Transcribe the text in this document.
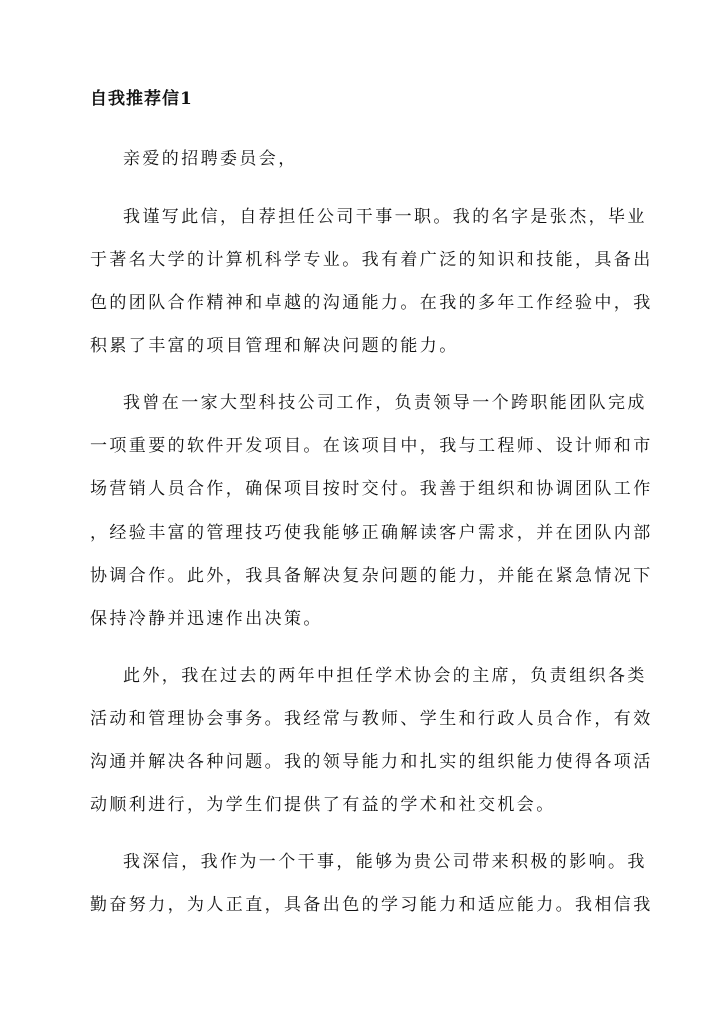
自我推荐信1
亲爱的招聘委员会，
我谨写此信，自荐担任公司干事一职。我的名字是张杰，毕业
于著名大学的计算机科学专业。我有着广泛的知识和技能，具备出
色的团队合作精神和卓越的沟通能力。在我的多年工作经验中，我
积累了丰富的项目管理和解决问题的能力。
我曾在一家大型科技公司工作，负责领导一个跨职能团队完成
一项重要的软件开发项目。在该项目中，我与工程师、设计师和市
场营销人员合作，确保项目按时交付。我善于组织和协调团队工作
，经验丰富的管理技巧使我能够正确解读客户需求，并在团队内部
协调合作。此外，我具备解决复杂问题的能力，并能在紧急情况下
保持冷静并迅速作出决策。
此外，我在过去的两年中担任学术协会的主席，负责组织各类
活动和管理协会事务。我经常与教师、学生和行政人员合作，有效
沟通并解决各种问题。我的领导能力和扎实的组织能力使得各项活
动顺利进行，为学生们提供了有益的学术和社交机会。
我深信，我作为一个干事，能够为贵公司带来积极的影响。我
勤奋努力，为人正直，具备出色的学习能力和适应能力。我相信我
